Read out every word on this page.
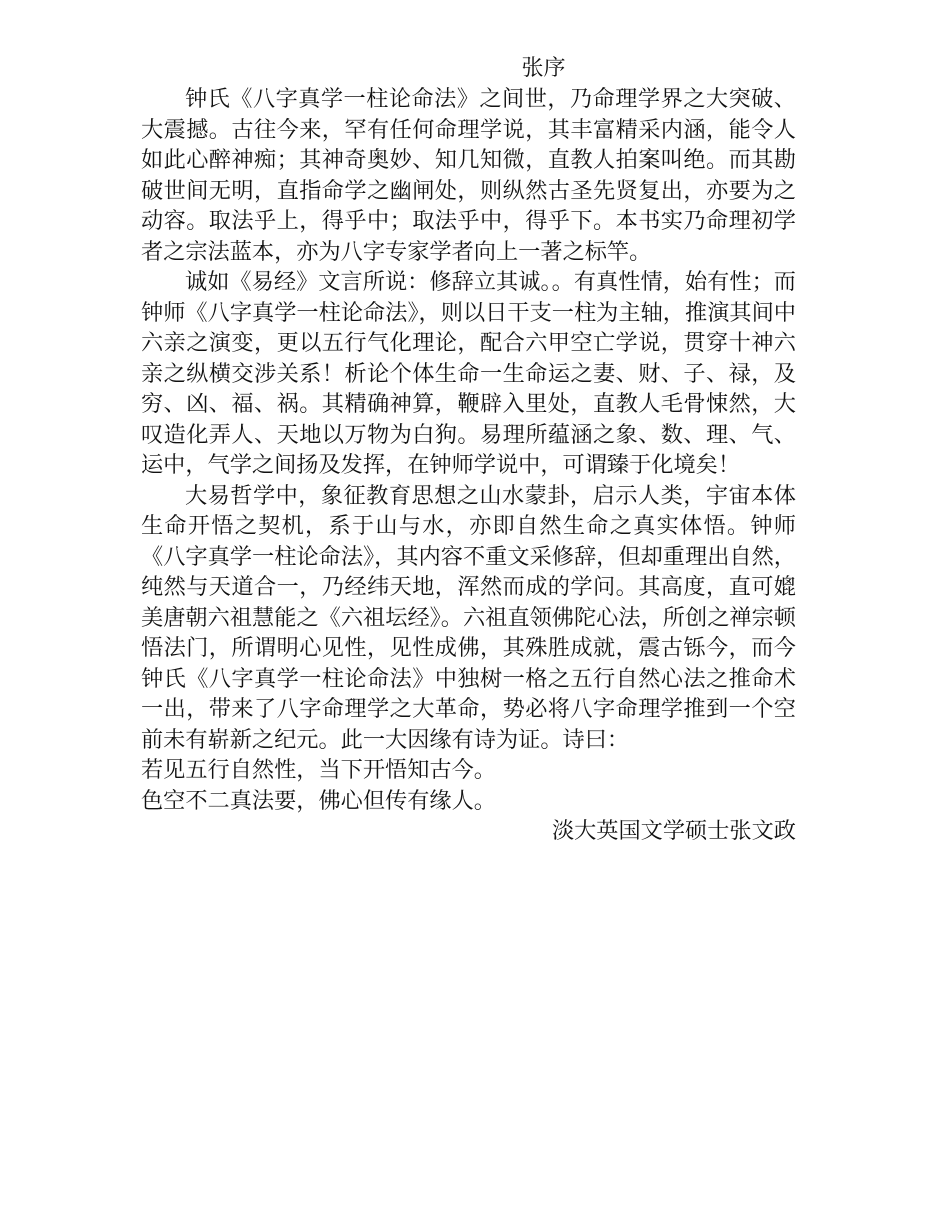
张序

钟氏《八字真学一柱论命法》之间世，乃命理学界之大突破、大震撼。古往今来，罕有任何命理学说，其丰富精采内涵，能令人如此心醉神痴；其神奇奥妙、知几知微，直教人拍案叫绝。而其勘破世间无明，直指命学之幽闸处，则纵然古圣先贤复出，亦要为之动容。取法乎上，得乎中；取法乎中，得乎下。本书实乃命理初学者之宗法蓝本，亦为八字专家学者向上一著之标竿。

诚如《易经》文言所说：修辞立其诚。。有真性情，始有性；而钟师《八字真学一柱论命法》，则以日干支一柱为主轴，推演其间中六亲之演变，更以五行气化理论，配合六甲空亡学说，贯穿十神六亲之纵横交涉关系！析论个体生命一生命运之妻、财、子、禄，及穷、凶、福、祸。其精确神算，鞭辟入里处，直教人毛骨悚然，大叹造化弄人、天地以万物为白狗。易理所蕴涵之象、数、理、气、运中，气学之间扬及发挥，在钟师学说中，可谓臻于化境矣！

大易哲学中，象征教育思想之山水蒙卦，启示人类，宇宙本体生命开悟之契机，系于山与水，亦即自然生命之真实体悟。钟师《八字真学一柱论命法》，其内容不重文采修辞，但却重理出自然，纯然与天道合一，乃经纬天地，浑然而成的学问。其高度，直可媲美唐朝六祖慧能之《六祖坛经》。六祖直领佛陀心法，所创之禅宗顿悟法门，所谓明心见性，见性成佛，其殊胜成就，震古铄今，而今钟氏《八字真学一柱论命法》中独树一格之五行自然心法之推命术一出，带来了八字命理学之大革命，势必将八字命理学推到一个空前未有崭新之纪元。此一大因缘有诗为证。诗曰：

若见五行自然性，当下开悟知古今。

色空不二真法要，佛心但传有缘人。

淡大英国文学硕士张文政
